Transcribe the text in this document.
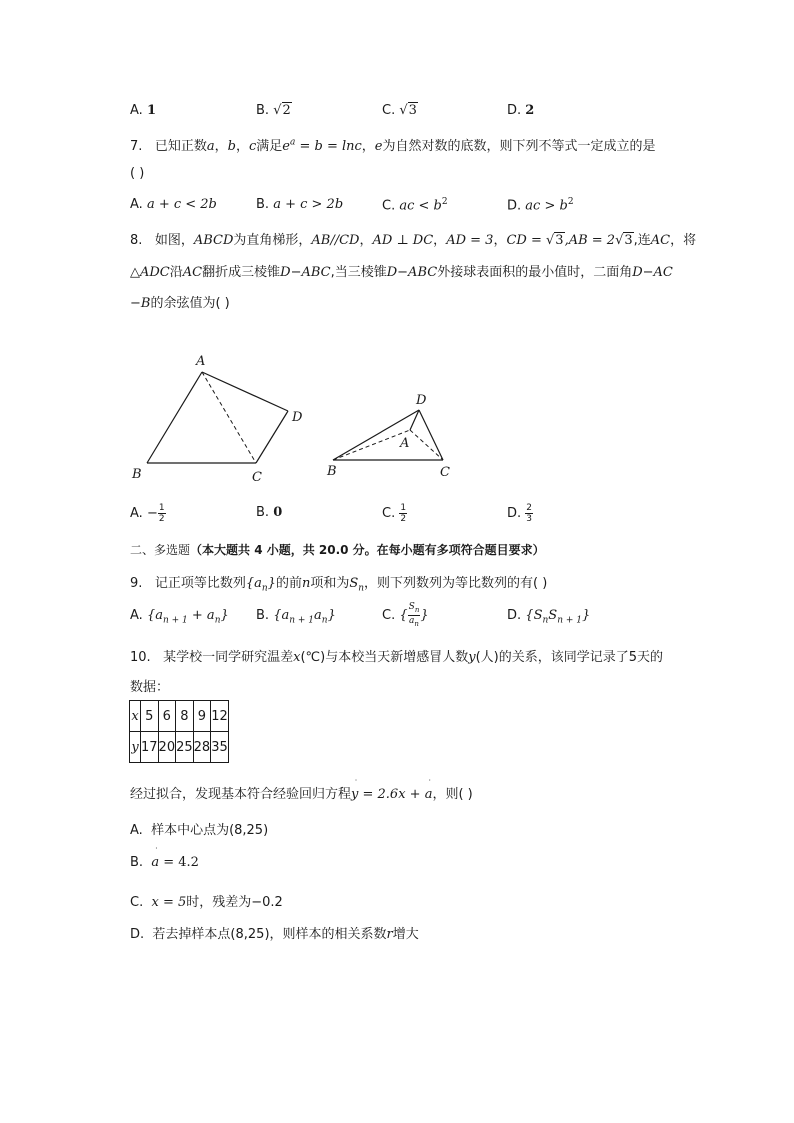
A. 1	B. √2	C. √3	D. 2
7. 已知正数a，b，c满足$e^a = b = \ln c$，e为自然对数的底数，则下列不等式一定成立的是
( )
A. a + c < 2b	B. a + c > 2b	C. ac < $b^2$	D. ac > $b^2$
8. 如图，ABCD为直角梯形，AB//CD，AD ⊥ DC，AD = 3，CD = √3,AB = 2√3,连AC，将
△ADC沿AC翻折成三棱锥D−ABC,当三棱锥D−ABC外接球表面积的最小值时，二面角D−AC
−B的余弦值为( )
A
B	C
D
D
A
B	C
A. − $\frac{1}{2}$	B. 0	C. $\frac{1}{2}$	D. $\frac{2}{3}$
二、多选题（本大题共 4 小题，共 20.0 分。在每小题有多项符合题目要求）
9. 记正项等比数列$\{a_n\}$的前n项和为$S_n$，则下列数列为等比数列的有( )
A. $\{a_{n + 1} + a_n\}$ B. $\{a_{n + 1}a_n\}$	C. { $\frac{S_n}{a_n}$ }	D. $\{S_nS_{n + 1}\}$
10. 某学校一同学研究温差x(℃)与本校当天新增感冒人数y(人)的关系，该同学记录了5天的
数据：
x	5	6	8	9	12
y	17	20	25	28	35
经过拟合，发现基本符合经验回归方程
˙
y = 2.6x +
˙
a，则( )
A. 样本中心点为(8,25)
B.
˙
a = 4.2
C. x = 5时，残差为−0.2
D. 若去掉样本点(8,25)，则样本的相关系数r增大
